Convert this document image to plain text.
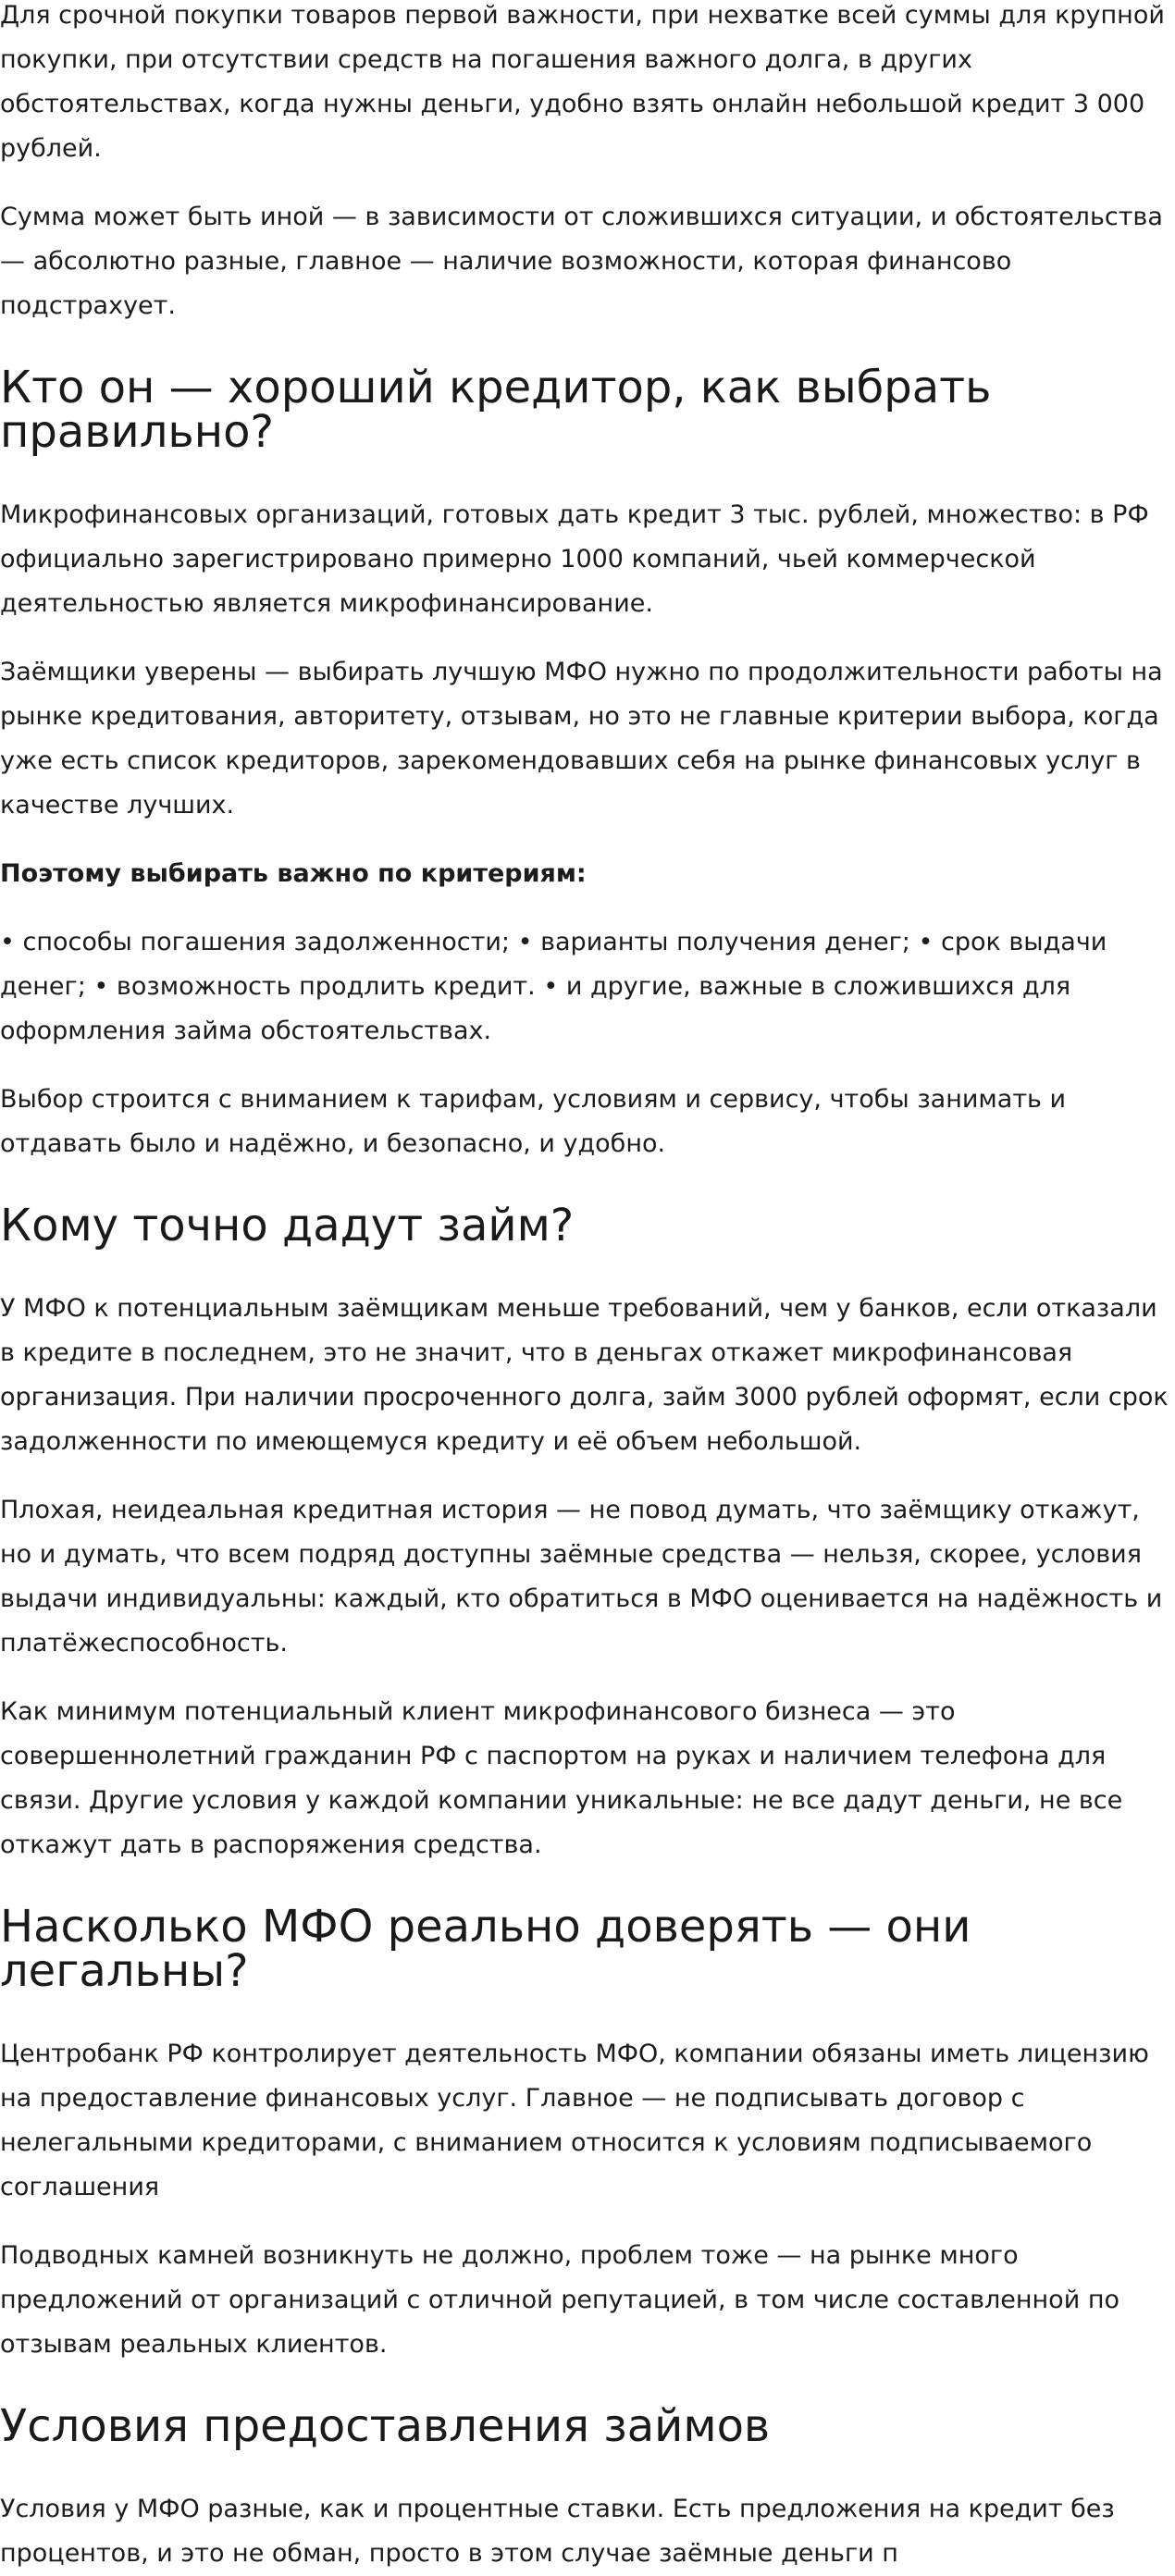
Для срочной покупки товаров первой важности, при нехватке всей суммы для крупной покупки, при отсутствии средств на погашения важного долга, в других обстоятельствах, когда нужны деньги, удобно взять онлайн небольшой кредит 3 000 рублей.

Сумма может быть иной — в зависимости от сложившихся ситуации, и обстоятельства — абсолютно разные, главное — наличие возможности, которая финансово подстрахует.

Кто он — хороший кредитор, как выбрать правильно?

Микрофинансовых организаций, готовых дать кредит 3 тыс. рублей, множество: в РФ официально зарегистрировано примерно 1000 компаний, чьей коммерческой деятельностью является микрофинансирование.

Заёмщики уверены — выбирать лучшую МФО нужно по продолжительности работы на рынке кредитования, авторитету, отзывам, но это не главные критерии выбора, когда уже есть список кредиторов, зарекомендовавших себя на рынке финансовых услуг в качестве лучших.

Поэтому выбирать важно по критериям:

• способы погашения задолженности; • варианты получения денег; • срок выдачи денег; • возможность продлить кредит. • и другие, важные в сложившихся для оформления займа обстоятельствах.

Выбор строится с вниманием к тарифам, условиям и сервису, чтобы занимать и отдавать было и надёжно, и безопасно, и удобно.

Кому точно дадут займ?

У МФО к потенциальным заёмщикам меньше требований, чем у банков, если отказали в кредите в последнем, это не значит, что в деньгах откажет микрофинансовая организация. При наличии просроченного долга, займ 3000 рублей оформят, если срок задолженности по имеющемуся кредиту и её объем небольшой.

Плохая, неидеальная кредитная история — не повод думать, что заёмщику откажут, но и думать, что всем подряд доступны заёмные средства — нельзя, скорее, условия выдачи индивидуальны: каждый, кто обратиться в МФО оценивается на надёжность и платёжеспособность.

Как минимум потенциальный клиент микрофинансового бизнеса — это совершеннолетний гражданин РФ с паспортом на руках и наличием телефона для связи. Другие условия у каждой компании уникальные: не все дадут деньги, не все откажут дать в распоряжения средства.

Насколько МФО реально доверять — они легальны?

Центробанк РФ контролирует деятельность МФО, компании обязаны иметь лицензию на предоставление финансовых услуг. Главное — не подписывать договор с нелегальными кредиторами, с вниманием относится к условиям подписываемого соглашения

Подводных камней возникнуть не должно, проблем тоже — на рынке много предложений от организаций с отличной репутацией, в том числе составленной по отзывам реальных клиентов.

Условия предоставления займов

Условия у МФО разные, как и процентные ставки. Есть предложения на кредит без процентов, и это не обман, просто в этом случае заёмные деньги п
